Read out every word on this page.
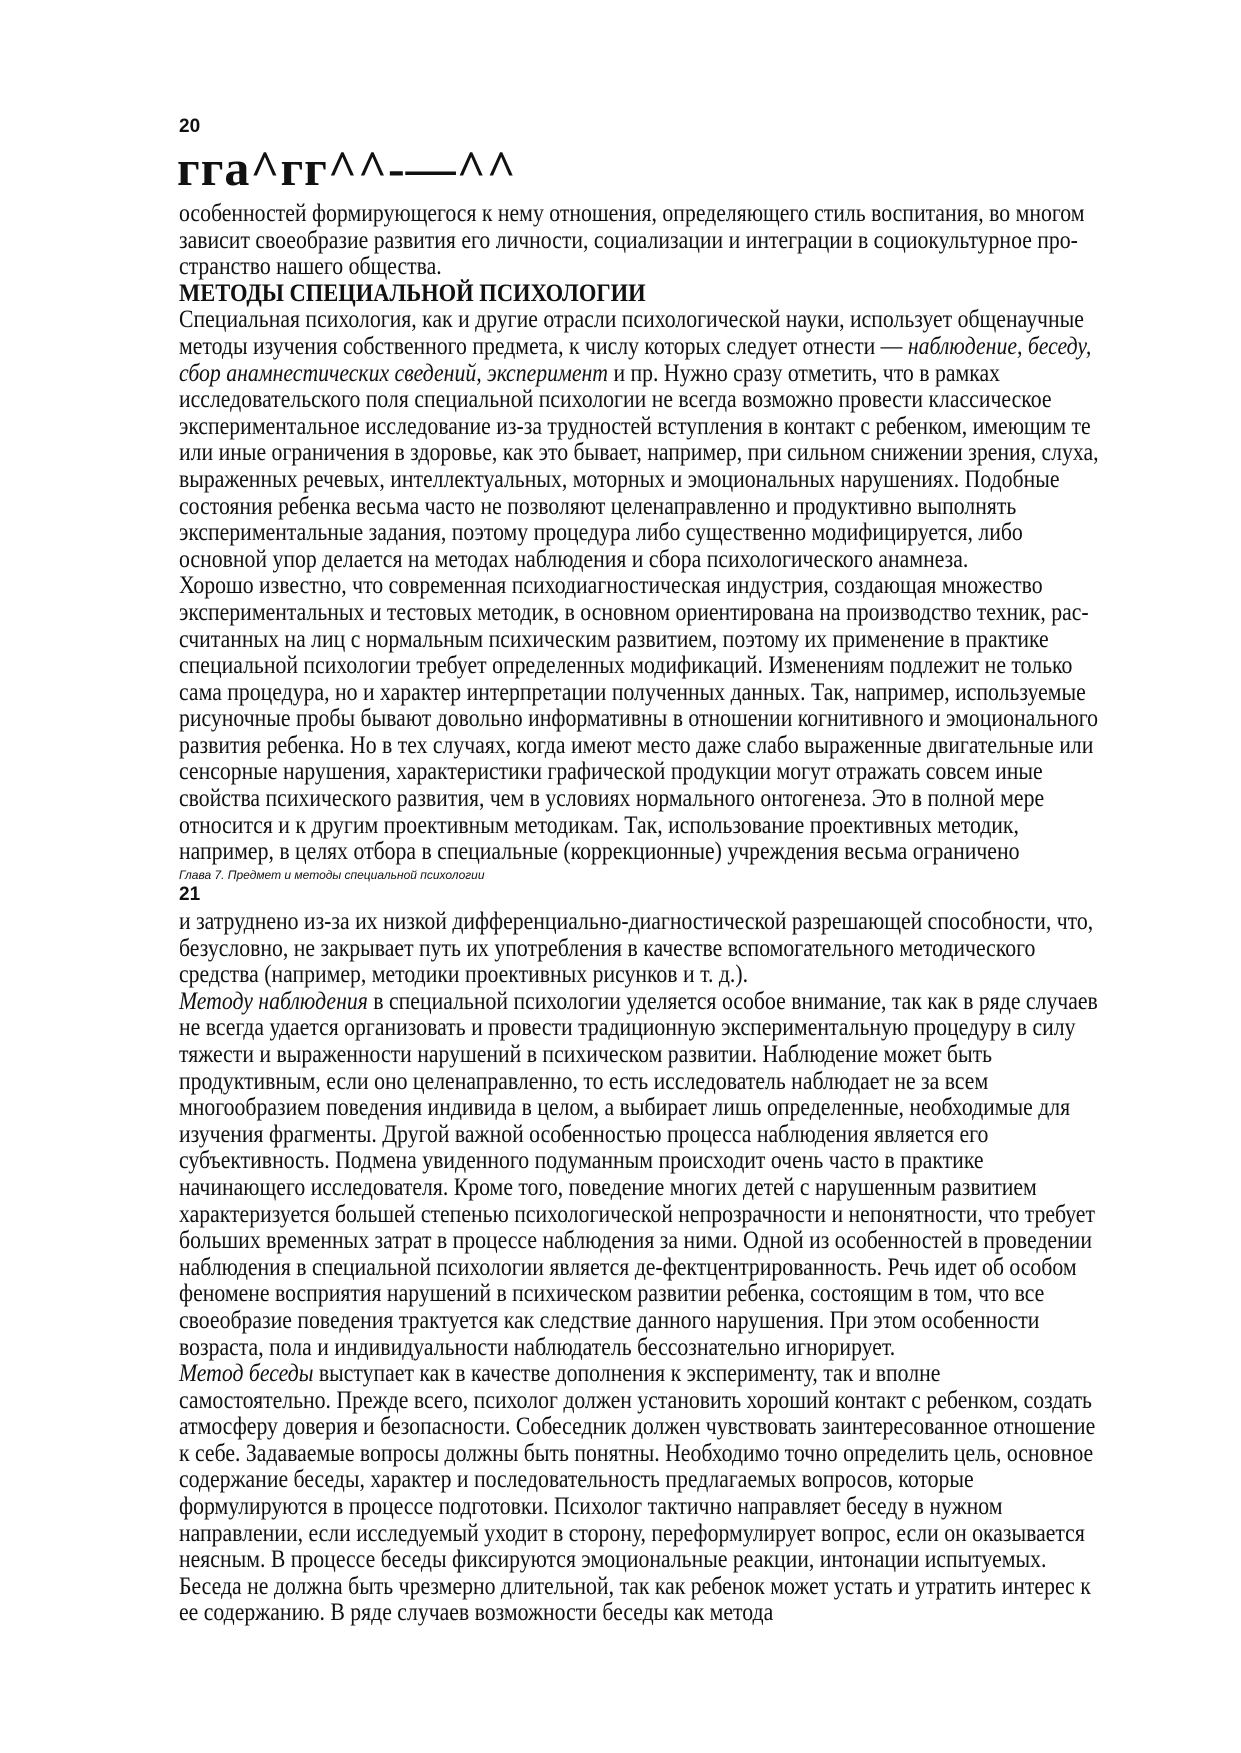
20
гга^гг^^-—^^
особенностей формирующегося к нему отношения, определяющего стиль воспитания, во многом
зависит своеобразие развития его личности, социализации и интеграции в социокультурное про-
странство нашего общества.
МЕТОДЫ СПЕЦИАЛЬНОЙ ПСИХОЛОГИИ
Специальная психология, как и другие отрасли психологической науки, использует общенаучные
методы изучения собственного предмета, к числу которых следует отнести — наблюдение, беседу,
сбор анамнестических сведений, эксперимент и пр. Нужно сразу отметить, что в рамках
исследовательского поля специальной психологии не всегда возможно провести классическое
экспериментальное исследование из-за трудностей вступления в контакт с ребенком, имеющим те
или иные ограничения в здоровье, как это бывает, например, при сильном снижении зрения, слуха,
выраженных речевых, интеллектуальных, моторных и эмоциональных нарушениях. Подобные
состояния ребенка весьма часто не позволяют целенаправленно и продуктивно выполнять
экспериментальные задания, поэтому процедура либо существенно модифицируется, либо
основной упор делается на методах наблюдения и сбора психологического анамнеза.
Хорошо известно, что современная психодиагностическая индустрия, создающая множество
экспериментальных и тестовых методик, в основном ориентирована на производство техник, рас-
считанных на лиц с нормальным психическим развитием, поэтому их применение в практике
специальной психологии требует определенных модификаций. Изменениям подлежит не только
сама процедура, но и характер интерпретации полученных данных. Так, например, используемые
рисуночные пробы бывают довольно информативны в отношении когнитивного и эмоционального
развития ребенка. Но в тех случаях, когда имеют место даже слабо выраженные двигательные или
сенсорные нарушения, характеристики графической продукции могут отражать совсем иные
свойства психического развития, чем в условиях нормального онтогенеза. Это в полной мере
относится и к другим проективным методикам. Так, использование проективных методик,
например, в целях отбора в специальные (коррекционные) учреждения весьма ограничено
Глава 7. Предмет и методы специальной психологии
21
и затруднено из-за их низкой дифференциально-диагностической разрешающей способности, что,
безусловно, не закрывает путь их употребления в качестве вспомогательного методического
средства (например, методики проективных рисунков и т. д.).
Методу наблюдения в специальной психологии уделяется особое внимание, так как в ряде случаев
не всегда удается организовать и провести традиционную экспериментальную процедуру в силу
тяжести и выраженности нарушений в психическом развитии. Наблюдение может быть
продуктивным, если оно целенаправленно, то есть исследователь наблюдает не за всем
многообразием поведения индивида в целом, а выбирает лишь определенные, необходимые для
изучения фрагменты. Другой важной особенностью процесса наблюдения является его
субъективность. Подмена увиденного подуманным происходит очень часто в практике
начинающего исследователя. Кроме того, поведение многих детей с нарушенным развитием
характеризуется большей степенью психологической непрозрачности и непонятности, что требует
больших временных затрат в процессе наблюдения за ними. Одной из особенностей в проведении
наблюдения в специальной психологии является де-фектцентрированность. Речь идет об особом
феномене восприятия нарушений в психическом развитии ребенка, состоящим в том, что все
своеобразие поведения трактуется как следствие данного нарушения. При этом особенности
возраста, пола и индивидуальности наблюдатель бессознательно игнорирует.
Метод беседы выступает как в качестве дополнения к эксперименту, так и вполне
самостоятельно. Прежде всего, психолог должен установить хороший контакт с ребенком, создать
атмосферу доверия и безопасности. Собеседник должен чувствовать заинтересованное отношение
к себе. Задаваемые вопросы должны быть понятны. Необходимо точно определить цель, основное
содержание беседы, характер и последовательность предлагаемых вопросов, которые
формулируются в процессе подготовки. Психолог тактично направляет беседу в нужном
направлении, если исследуемый уходит в сторону, переформулирует вопрос, если он оказывается
неясным. В процессе беседы фиксируются эмоциональные реакции, интонации испытуемых.
Беседа не должна быть чрезмерно длительной, так как ребенок может устать и утратить интерес к
ее содержанию. В ряде случаев возможности беседы как метода
